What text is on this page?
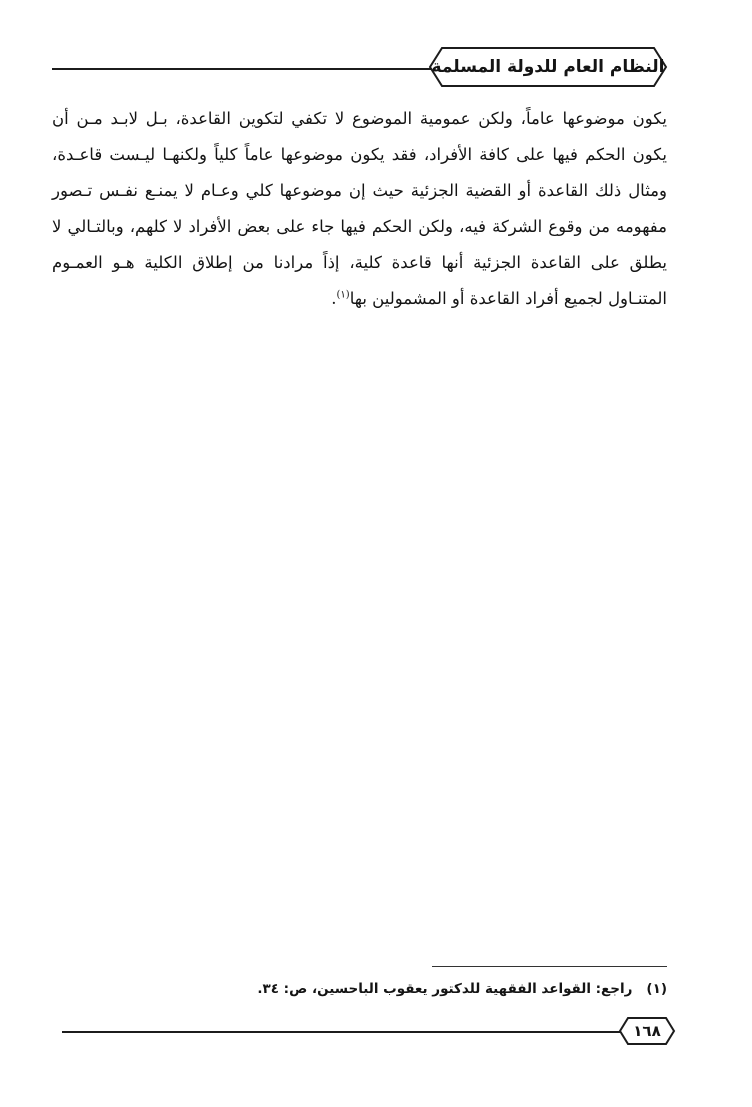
النظام العام للدولة المسلمة

يكون موضوعها عاماً، ولكن عمومية الموضوع لا تكفي لتكوين القاعدة، بـل لابـد مـن أن يكون الحكم فيها على كافة الأفراد، فقد يكون موضوعها عاماً كلياً ولكنهـا ليـست قاعـدة، ومثال ذلك القاعدة أو القضية الجزئية حيث إن موضوعها كلي وعـام لا يمنـع نفـس تـصور مفهومه من وقوع الشركة فيه، ولكن الحكم فيها جاء على بعض الأفراد لا كلهم، وبالتـالي لا يطلق على القاعدة الجزئية أنها قاعدة كلية، إذاً مرادنا من إطلاق الكلية هـو العمـوم المتنـاول لجميع أفراد القاعدة أو المشمولين بها$^{(١)}$.

(١)راجع: القواعد الفقهية للدكتور يعقوب الباحسين، ص: ٣٤.
١٦٨
